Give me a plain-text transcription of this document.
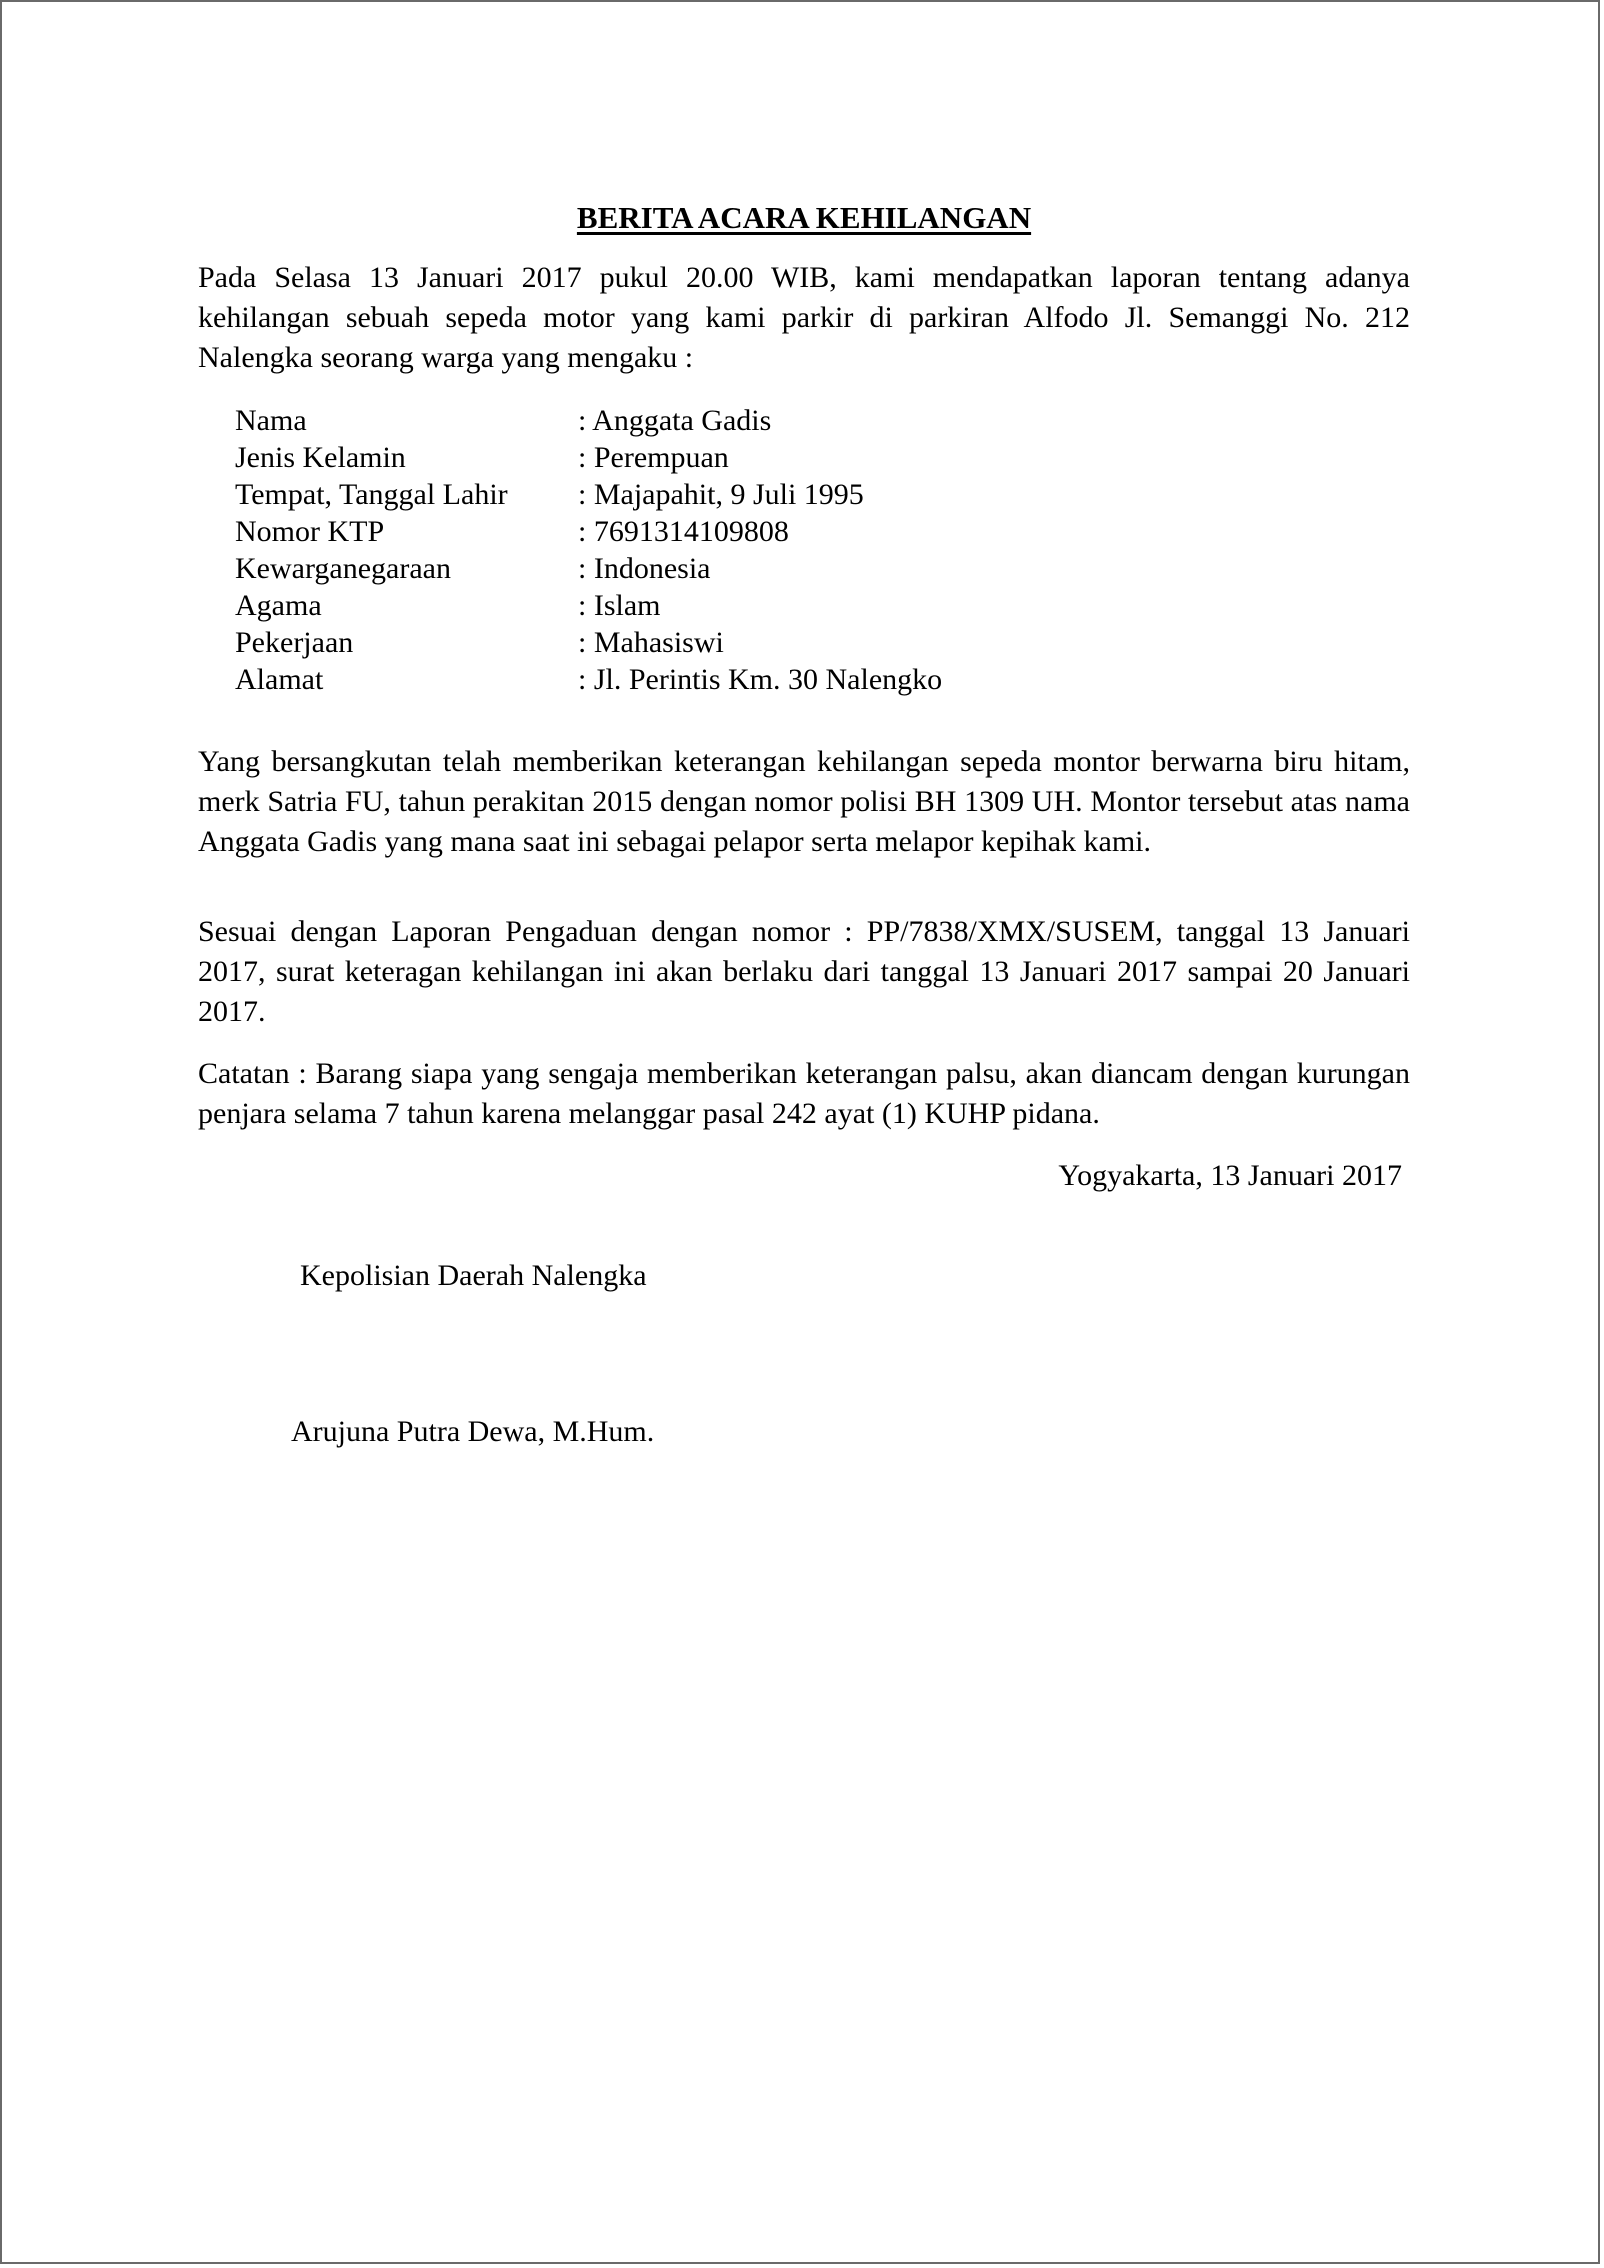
BERITA ACARA KEHILANGAN

Pada Selasa 13 Januari 2017 pukul 20.00 WIB, kami mendapatkan laporan tentang adanya kehilangan sebuah sepeda motor yang kami parkir di parkiran Alfodo Jl. Semanggi No. 212 Nalengka seorang warga yang mengaku :

Nama	: Anggata Gadis
Jenis Kelamin	: Perempuan
Tempat, Tanggal Lahir	: Majapahit, 9 Juli 1995
Nomor KTP	: 7691314109808
Kewarganegaraan	: Indonesia
Agama	: Islam
Pekerjaan	: Mahasiswi
Alamat	: Jl. Perintis Km. 30 Nalengko

Yang bersangkutan telah memberikan keterangan kehilangan sepeda montor berwarna biru hitam, merk Satria FU, tahun perakitan 2015 dengan nomor polisi BH 1309 UH. Montor tersebut atas nama Anggata Gadis yang mana saat ini sebagai pelapor serta melapor kepihak kami.

Sesuai dengan Laporan Pengaduan dengan nomor : PP/7838/XMX/SUSEM, tanggal 13 Januari 2017, surat keteragan kehilangan ini akan berlaku dari tanggal 13 Januari 2017 sampai 20 Januari 2017.

Catatan : Barang siapa yang sengaja memberikan keterangan palsu, akan diancam dengan kurungan penjara selama 7 tahun karena melanggar pasal 242 ayat (1) KUHP pidana.

Yogyakarta, 13 Januari 2017
Kepolisian Daerah Nalengka
Arujuna Putra Dewa, M.Hum.
